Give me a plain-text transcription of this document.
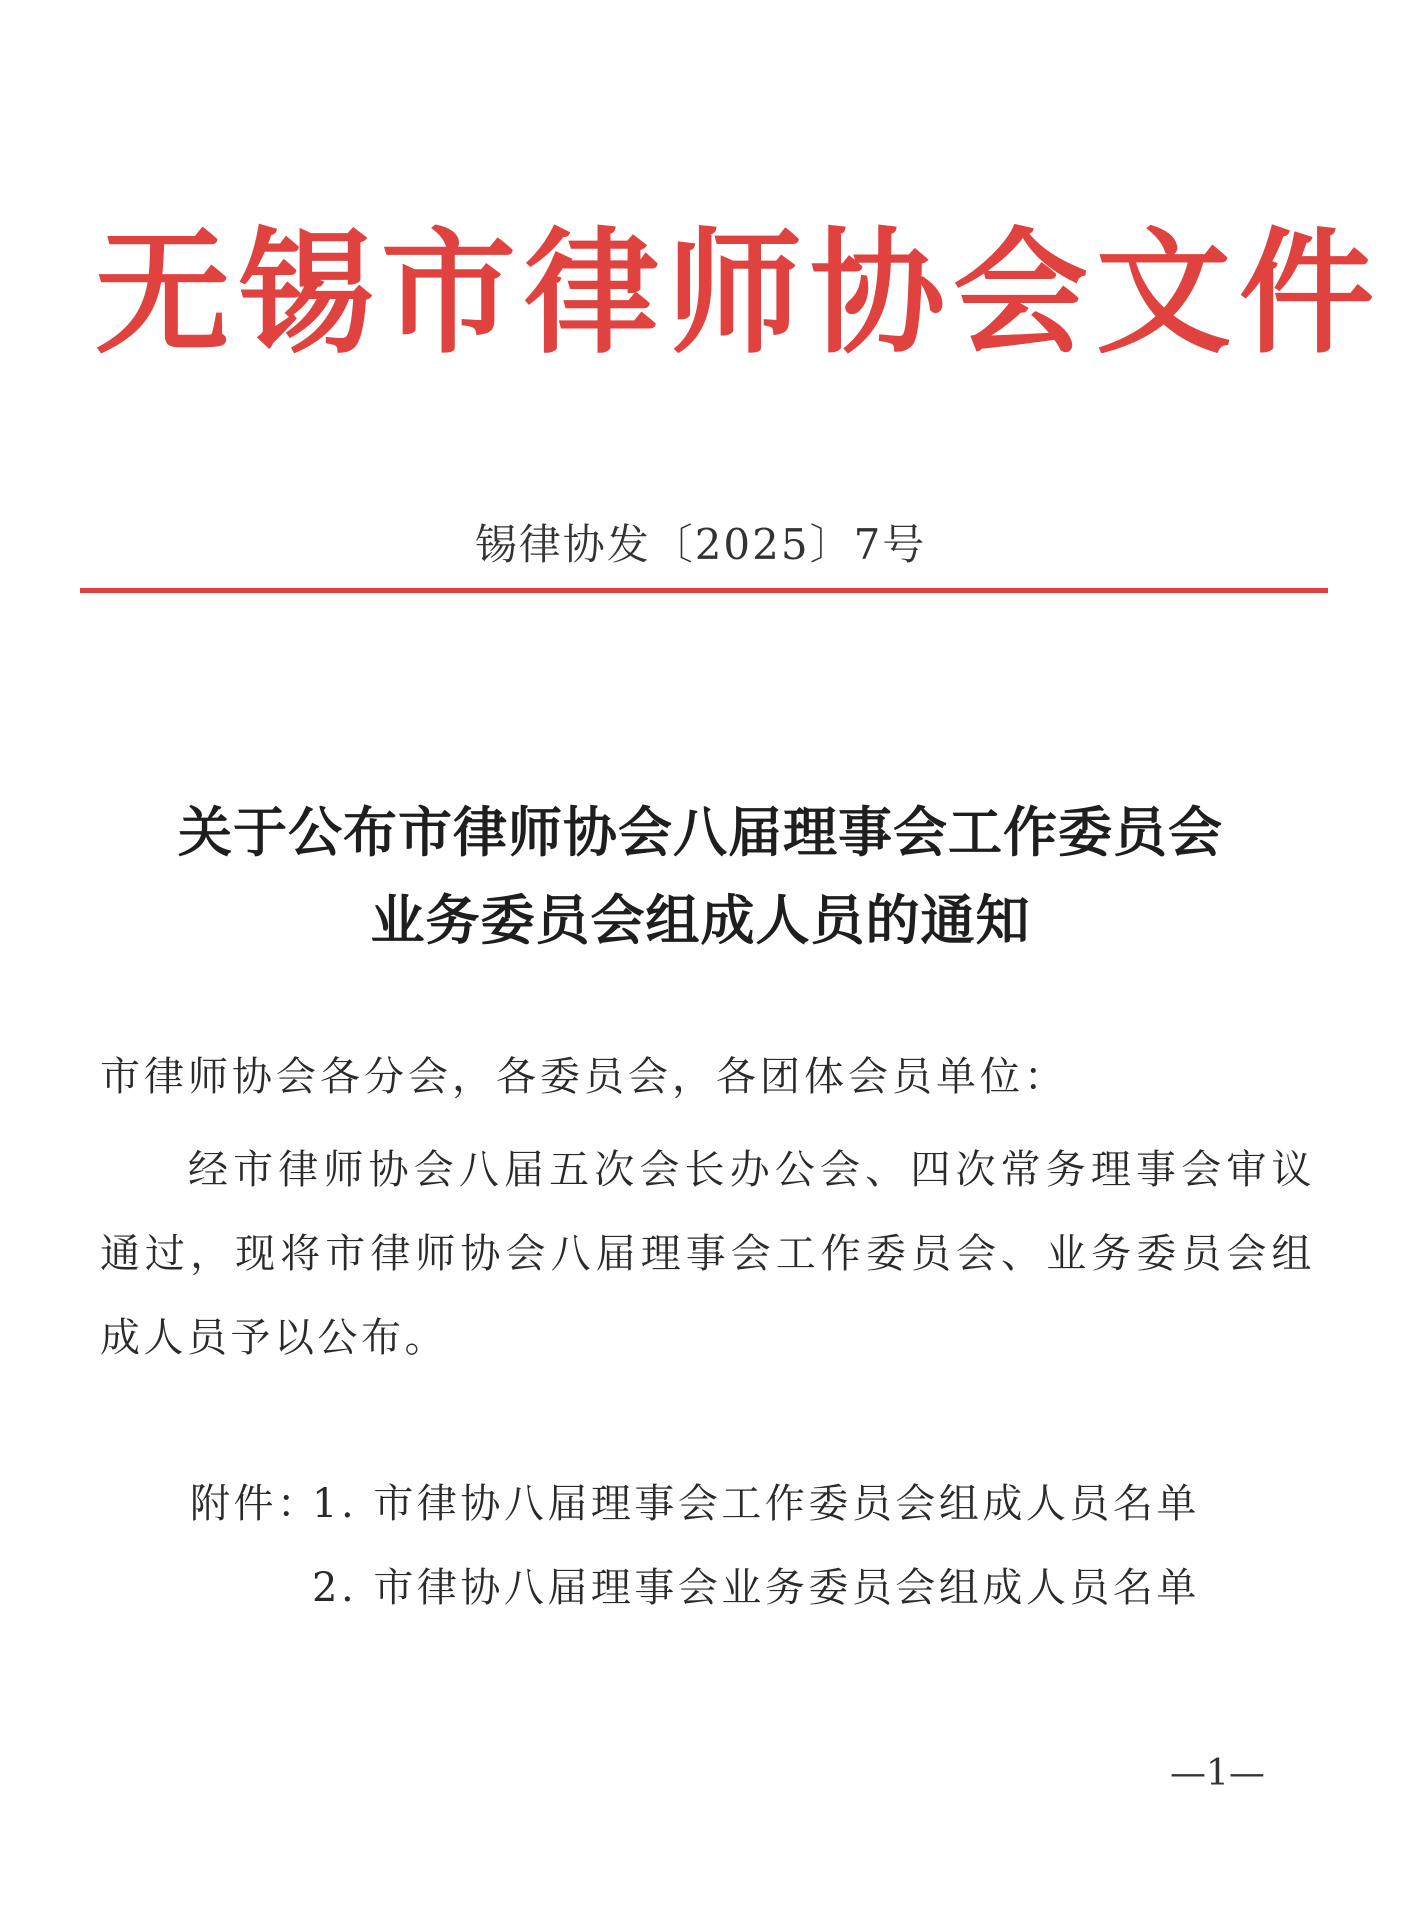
无锡市律师协会文件
锡律协发〔2025〕7号
关于公布市律师协会八届理事会工作委员会
业务委员会组成人员的通知
市律师协会各分会，各委员会，各团体会员单位：
经市律师协会八届五次会长办公会、四次常务理事会审议通过，现将市律师协会八届理事会工作委员会、业务委员会组成人员予以公布。
附件：1. 市律协八届理事会工作委员会组成人员名单
2. 市律协八届理事会业务委员会组成人员名单
—1—
